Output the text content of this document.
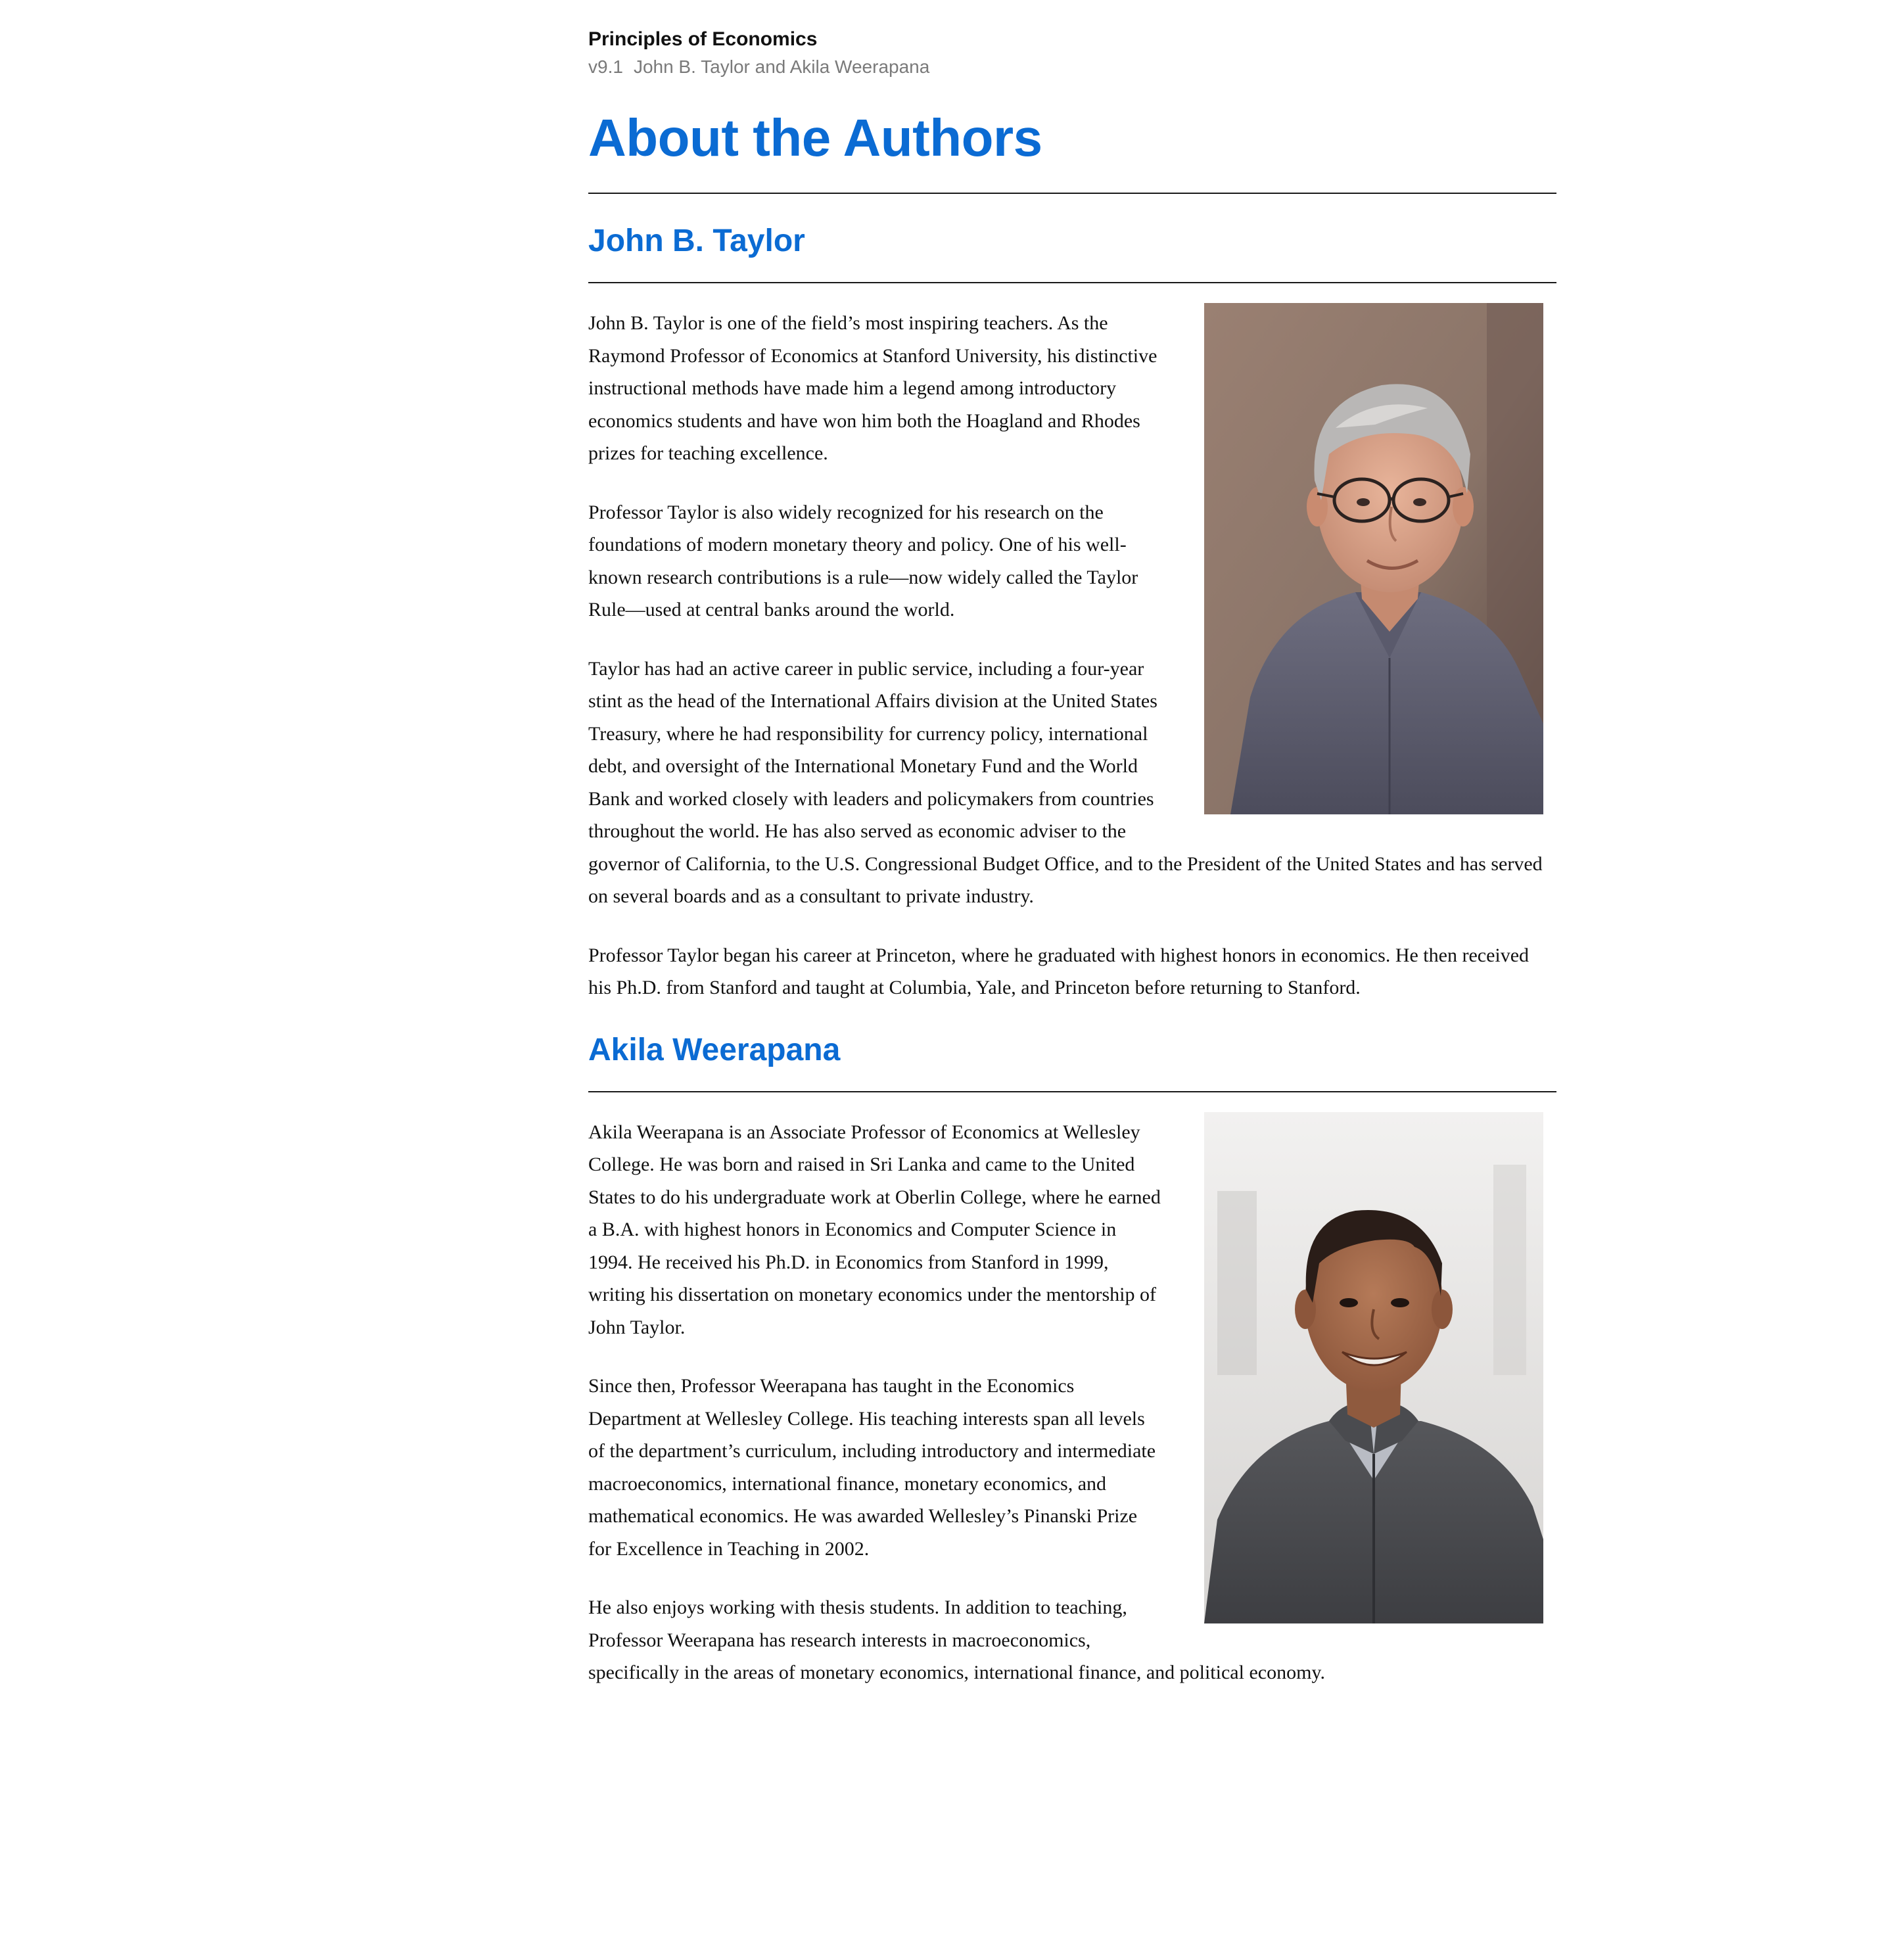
Principles of Economics
v9.1 John B. Taylor and Akila Weerapana
About the Authors
John B. Taylor

John B. Taylor is one of the field’s most inspiring teachers. As the Raymond Professor of Economics at Stanford University, his distinctive instructional methods have made him a legend among introductory economics students and have won him both the Hoagland and Rhodes prizes for teaching excellence.

Professor Taylor is also widely recognized for his research on the foundations of modern monetary theory and policy. One of his well-known research contributions is a rule—now widely called the Taylor Rule—used at central banks around the world.

Taylor has had an active career in public service, including a four-year stint as the head of the International Affairs division at the United States Treasury, where he had responsibility for currency policy, international debt, and oversight of the International Monetary Fund and the World Bank and worked closely with leaders and policymakers from countries throughout the world. He has also served as economic adviser to the governor of California, to the U.S. Congressional Budget Office, and to the President of the United States and has served on several boards and as a consultant to private industry.

Professor Taylor began his career at Princeton, where he graduated with highest honors in economics. He then received his Ph.D. from Stanford and taught at Columbia, Yale, and Princeton before returning to Stanford.

Akila Weerapana

Akila Weerapana is an Associate Professor of Economics at Wellesley College. He was born and raised in Sri Lanka and came to the United States to do his undergraduate work at Oberlin College, where he earned a B.A. with highest honors in Economics and Computer Science in 1994. He received his Ph.D. in Economics from Stanford in 1999, writing his dissertation on monetary economics under the mentorship of John Taylor.

Since then, Professor Weerapana has taught in the Economics Department at Wellesley College. His teaching interests span all levels of the department’s curriculum, including introductory and intermediate macroeconomics, international finance, monetary economics, and mathematical economics. He was awarded Wellesley’s Pinanski Prize for Excellence in Teaching in 2002.

He also enjoys working with thesis students. In addition to teaching, Professor Weerapana has research interests in macroeconomics, specifically in the areas of monetary economics, international finance, and political economy.
